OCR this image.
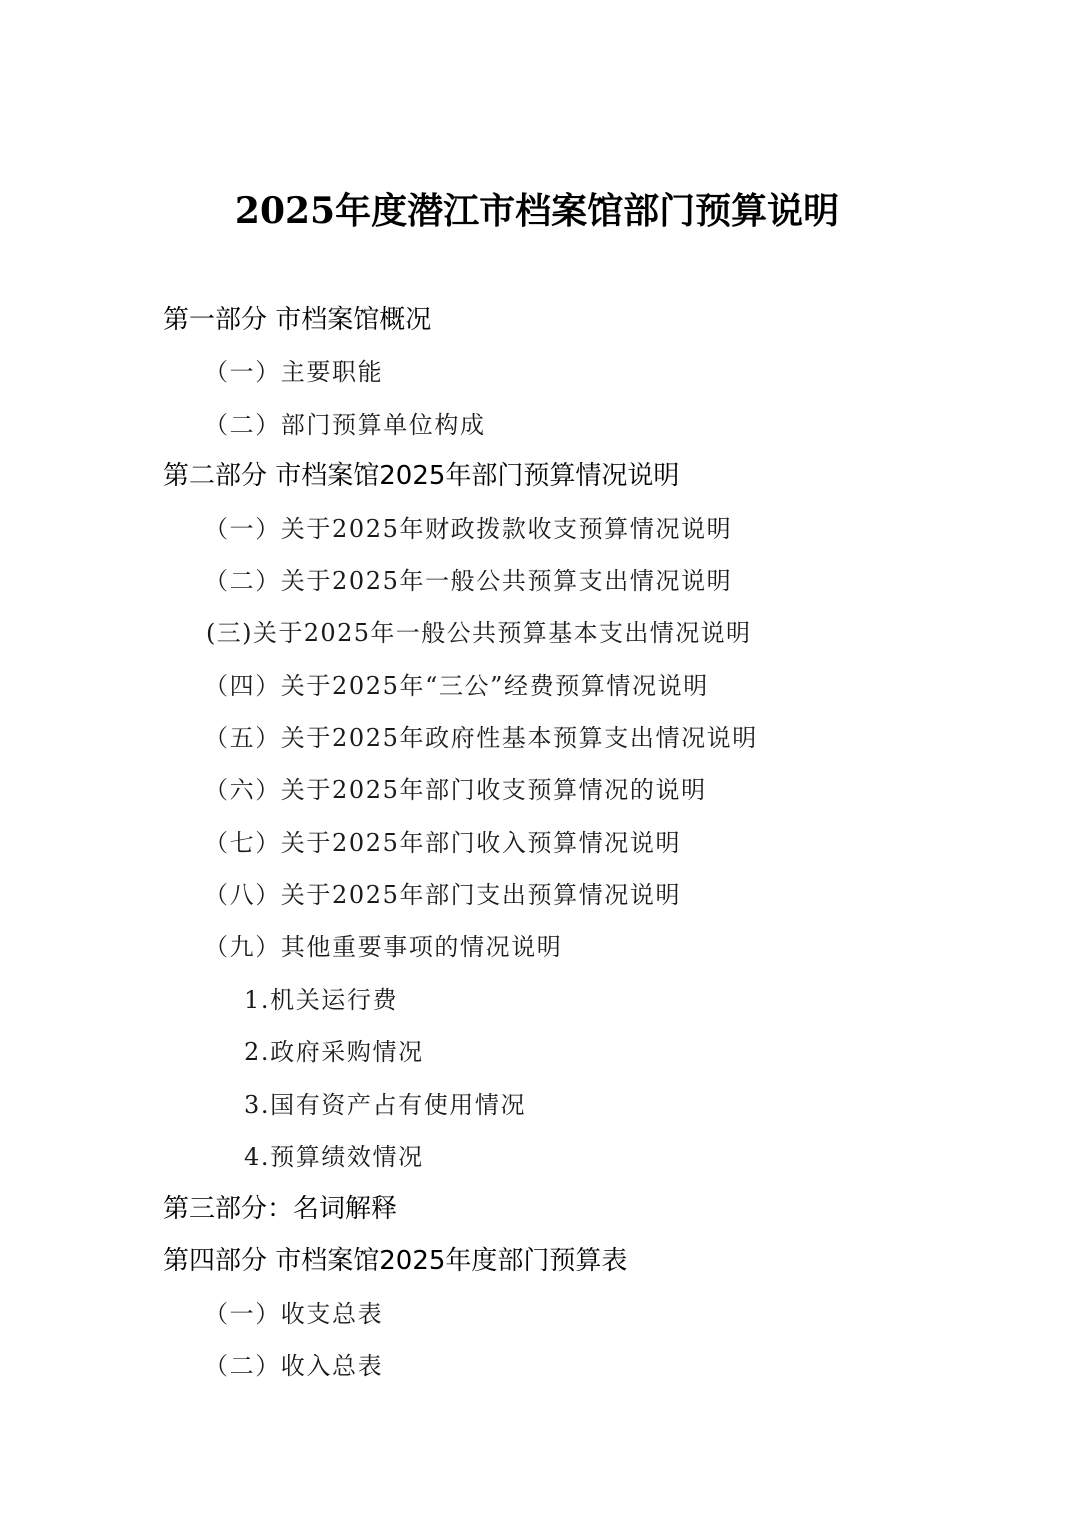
2025年度潜江市档案馆部门预算说明
第一部分 市档案馆概况
（一）主要职能
（二）部门预算单位构成
第二部分 市档案馆2025年部门预算情况说明
（一）关于2025年财政拨款收支预算情况说明
（二）关于2025年一般公共预算支出情况说明
(三)关于2025年一般公共预算基本支出情况说明
（四）关于2025年“三公”经费预算情况说明
（五）关于2025年政府性基本预算支出情况说明
（六）关于2025年部门收支预算情况的说明
（七）关于2025年部门收入预算情况说明
（八）关于2025年部门支出预算情况说明
（九）其他重要事项的情况说明
1.机关运行费
2.政府采购情况
3.国有资产占有使用情况
4.预算绩效情况
第三部分：名词解释
第四部分 市档案馆2025年度部门预算表
（一）收支总表
（二）收入总表
